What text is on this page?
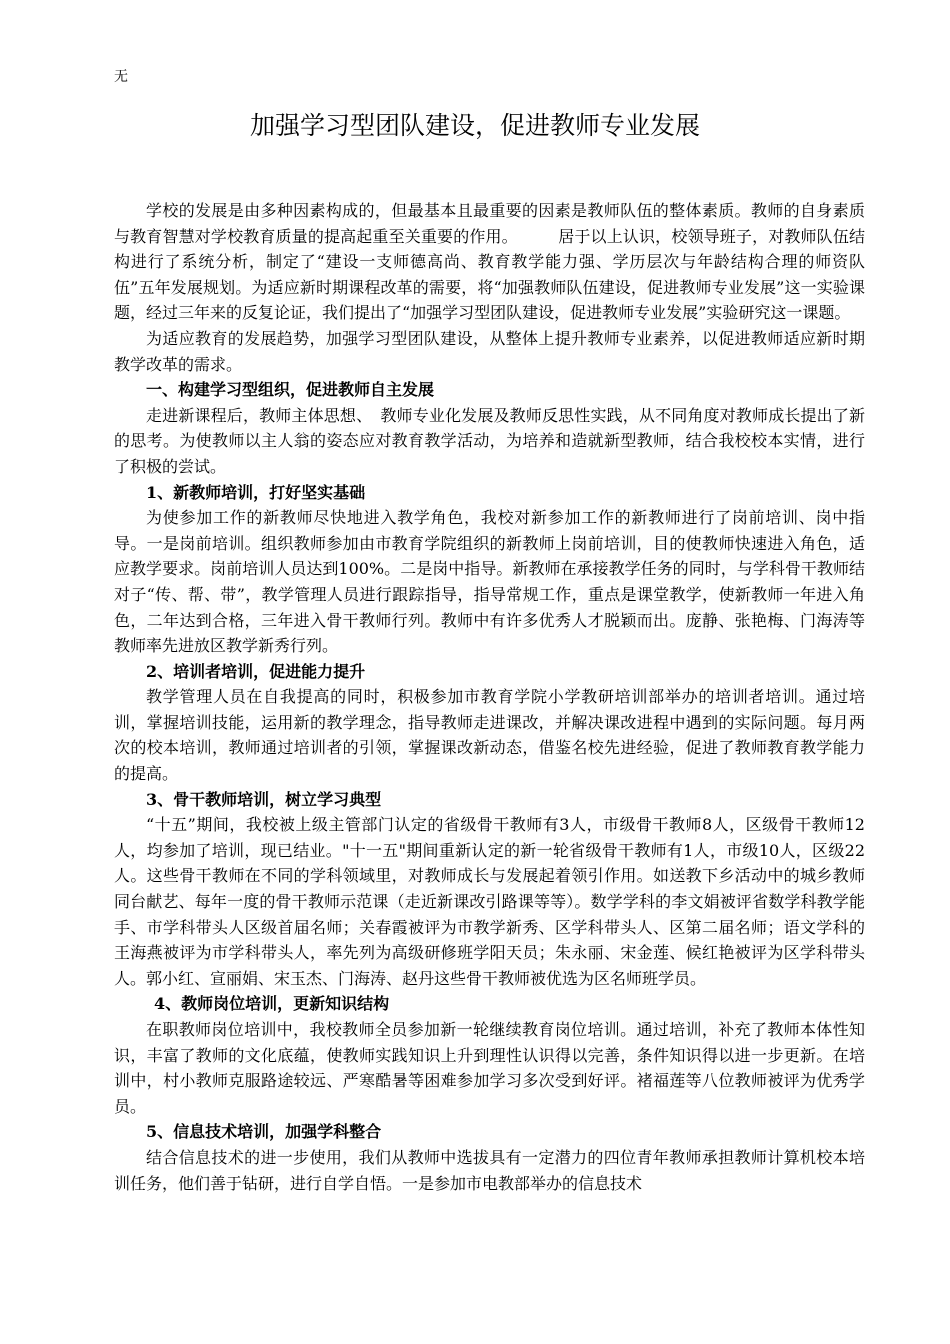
无
加强学习型团队建设，促进教师专业发展

学校的发展是由多种因素构成的，但最基本且最重要的因素是教师队伍的整体素质。教师的自身素质与教育智慧对学校教育质量的提高起重至关重要的作用。　　　居于以上认识，校领导班子，对教师队伍结构进行了系统分析，制定了“建设一支师德高尚、教育教学能力强、学历层次与年龄结构合理的师资队伍”五年发展规划。为适应新时期课程改革的需要，将“加强教师队伍建设，促进教师专业发展”这一实验课题，经过三年来的反复论证，我们提出了“加强学习型团队建设，促进教师专业发展”实验研究这一课题。

为适应教育的发展趋势，加强学习型团队建设，从整体上提升教师专业素养，以促进教师适应新时期教学改革的需求。

一、构建学习型组织，促进教师自主发展

走进新课程后，教师主体思想、　教师专业化发展及教师反思性实践，从不同角度对教师成长提出了新的思考。为使教师以主人翁的姿态应对教育教学活动，为培养和造就新型教师，结合我校校本实情，进行了积极的尝试。

1、新教师培训，打好坚实基础

为使参加工作的新教师尽快地进入教学角色，我校对新参加工作的新教师进行了岗前培训、岗中指导。一是岗前培训。组织教师参加由市教育学院组织的新教师上岗前培训，目的使教师快速进入角色，适应教学要求。岗前培训人员达到100%。二是岗中指导。新教师在承接教学任务的同时，与学科骨干教师结对子“传、帮、带”，教学管理人员进行跟踪指导，指导常规工作，重点是课堂教学，使新教师一年进入角色，二年达到合格，三年进入骨干教师行列。教师中有许多优秀人才脱颖而出。庞静、张艳梅、门海涛等教师率先进放区教学新秀行列。

2、培训者培训，促进能力提升

教学管理人员在自我提高的同时，积极参加市教育学院小学教研培训部举办的培训者培训。通过培训，掌握培训技能，运用新的教学理念，指导教师走进课改，并解决课改进程中遇到的实际问题。每月两次的校本培训，教师通过培训者的引领，掌握课改新动态，借鉴名校先进经验，促进了教师教育教学能力的提高。

3、骨干教师培训，树立学习典型

“十五”期间，我校被上级主管部门认定的省级骨干教师有3人，市级骨干教师8人，区级骨干教师12人，均参加了培训，现已结业。"十一五"期间重新认定的新一轮省级骨干教师有1人，市级10人，区级22人。这些骨干教师在不同的学科领域里，对教师成长与发展起着领引作用。如送教下乡活动中的城乡教师同台献艺、每年一度的骨干教师示范课（走近新课改引路课等等）。数学学科的李文娟被评省数学科教学能手、市学科带头人区级首届名师；关春霞被评为市教学新秀、区学科带头人、区第二届名师；语文学科的王海燕被评为市学科带头人，率先列为高级研修班学阳天员；朱永丽、宋金莲、候红艳被评为区学科带头人。郭小红、宣丽娟、宋玉杰、门海涛、赵丹这些骨干教师被优选为区名师班学员。

4、教师岗位培训，更新知识结构

在职教师岗位培训中，我校教师全员参加新一轮继续教育岗位培训。通过培训，补充了教师本体性知识，丰富了教师的文化底蕴，使教师实践知识上升到理性认识得以完善，条件知识得以进一步更新。在培训中，村小教师克服路途较远、严寒酷暑等困难参加学习多次受到好评。褚福莲等八位教师被评为优秀学员。

5、信息技术培训，加强学科整合

结合信息技术的进一步使用，我们从教师中选拔具有一定潜力的四位青年教师承担教师计算机校本培训任务，他们善于钻研，进行自学自悟。一是参加市电教部举办的信息技术
